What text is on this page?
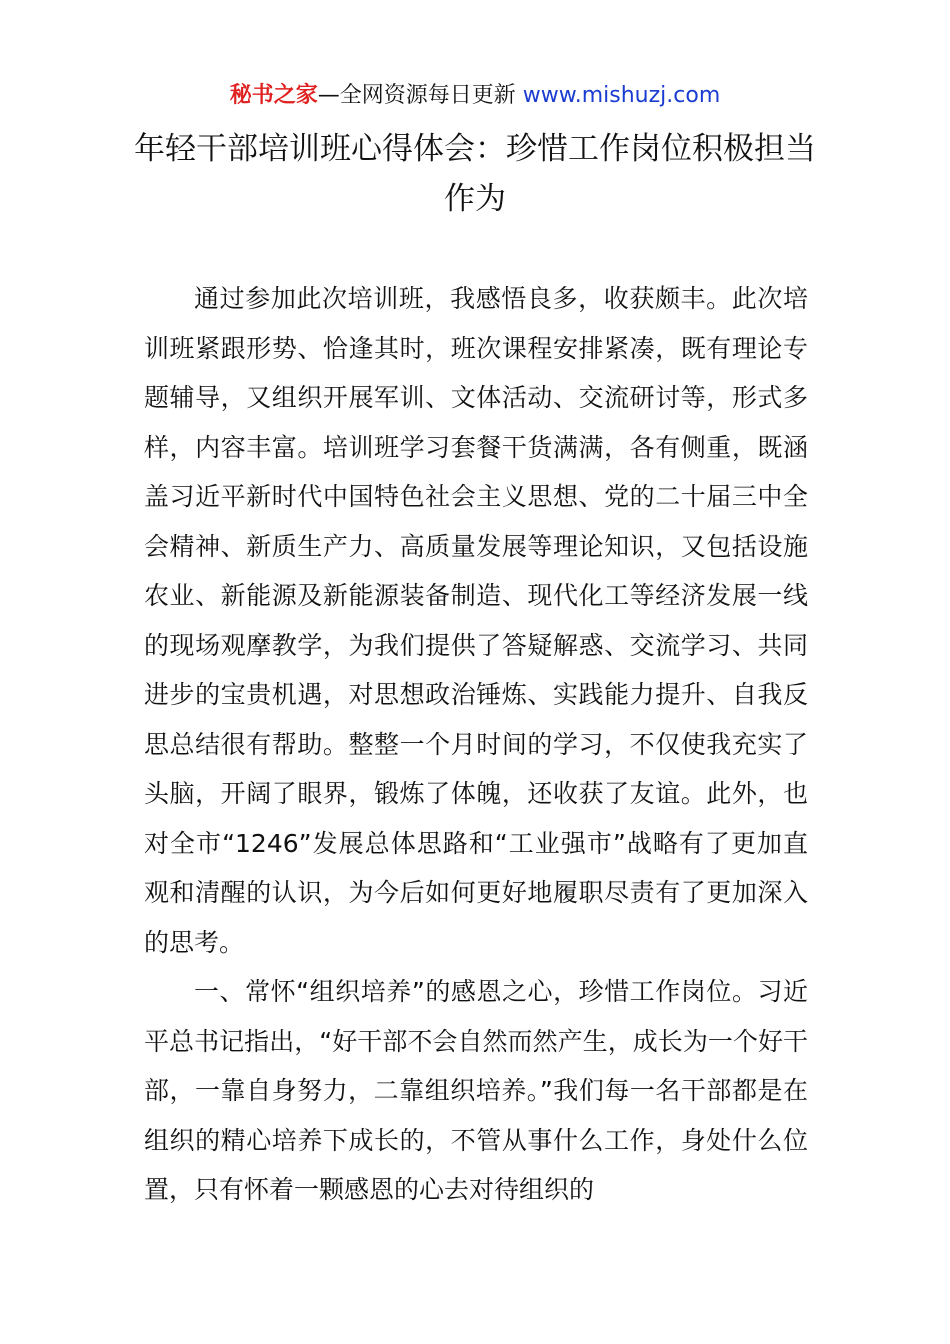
秘书之家—全网资源每日更新 www.mishuzj.com
年轻干部培训班心得体会：珍惜工作岗位积极担当作为

通过参加此次培训班，我感悟良多，收获颇丰。此次培训班紧跟形势、恰逢其时，班次课程安排紧凑，既有理论专题辅导，又组织开展军训、文体活动、交流研讨等，形式多样，内容丰富。培训班学习套餐干货满满，各有侧重，既涵盖习近平新时代中国特色社会主义思想、党的二十届三中全会精神、新质生产力、高质量发展等理论知识，又包括设施农业、新能源及新能源装备制造、现代化工等经济发展一线的现场观摩教学，为我们提供了答疑解惑、交流学习、共同进步的宝贵机遇，对思想政治锤炼、实践能力提升、自我反思总结很有帮助。整整一个月时间的学习，不仅使我充实了头脑，开阔了眼界，锻炼了体魄，还收获了友谊。此外，也对全市“1246”发展总体思路和“工业强市”战略有了更加直观和清醒的认识，为今后如何更好地履职尽责有了更加深入的思考。

一、常怀“组织培养”的感恩之心，珍惜工作岗位。习近平总书记指出，“好干部不会自然而然产生，成长为一个好干部，一靠自身努力，二靠组织培养。”我们每一名干部都是在组织的精心培养下成长的，不管从事什么工作，身处什么位置，只有怀着一颗感恩的心去对待组织的
